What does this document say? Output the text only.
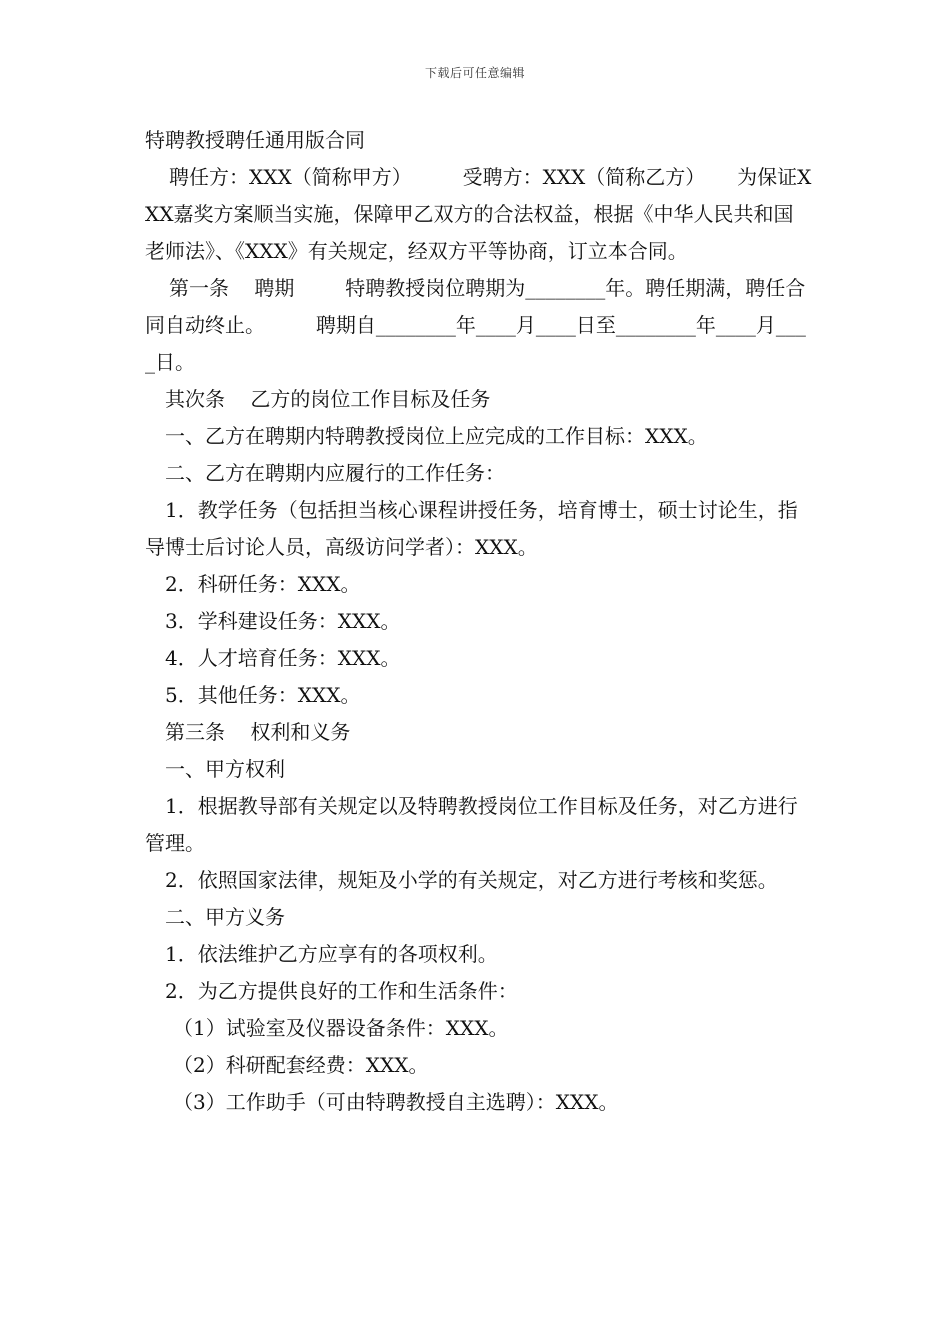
下载后可任意编辑

特聘教授聘任通用版合同

聘任方：XXX（简称甲方）        受聘方：XXX（简称乙方）     为保证XXX嘉奖方案顺当实施，保障甲乙双方的合法权益，根据《中华人民共和国老师法》、《XXX》有关规定，经双方平等协商，订立本合同。

第一条    聘期        特聘教授岗位聘期为________年。聘任期满，聘任合同自动终止。        聘期自________年____月____日至________年____月____日。

其次条    乙方的岗位工作目标及任务

一、乙方在聘期内特聘教授岗位上应完成的工作目标：XXX。

二、乙方在聘期内应履行的工作任务：

1．教学任务（包括担当核心课程讲授任务，培育博士，硕士讨论生，指导博士后讨论人员，高级访问学者）：XXX。

2．科研任务：XXX。

3．学科建设任务：XXX。

4．人才培育任务：XXX。

5．其他任务：XXX。

第三条    权利和义务

一、甲方权利

1．根据教导部有关规定以及特聘教授岗位工作目标及任务，对乙方进行管理。

2．依照国家法律，规矩及小学的有关规定，对乙方进行考核和奖惩。

二、甲方义务

1．依法维护乙方应享有的各项权利。

2．为乙方提供良好的工作和生活条件：

（1）试验室及仪器设备条件：XXX。

（2）科研配套经费：XXX。

（3）工作助手（可由特聘教授自主选聘）：XXX。
